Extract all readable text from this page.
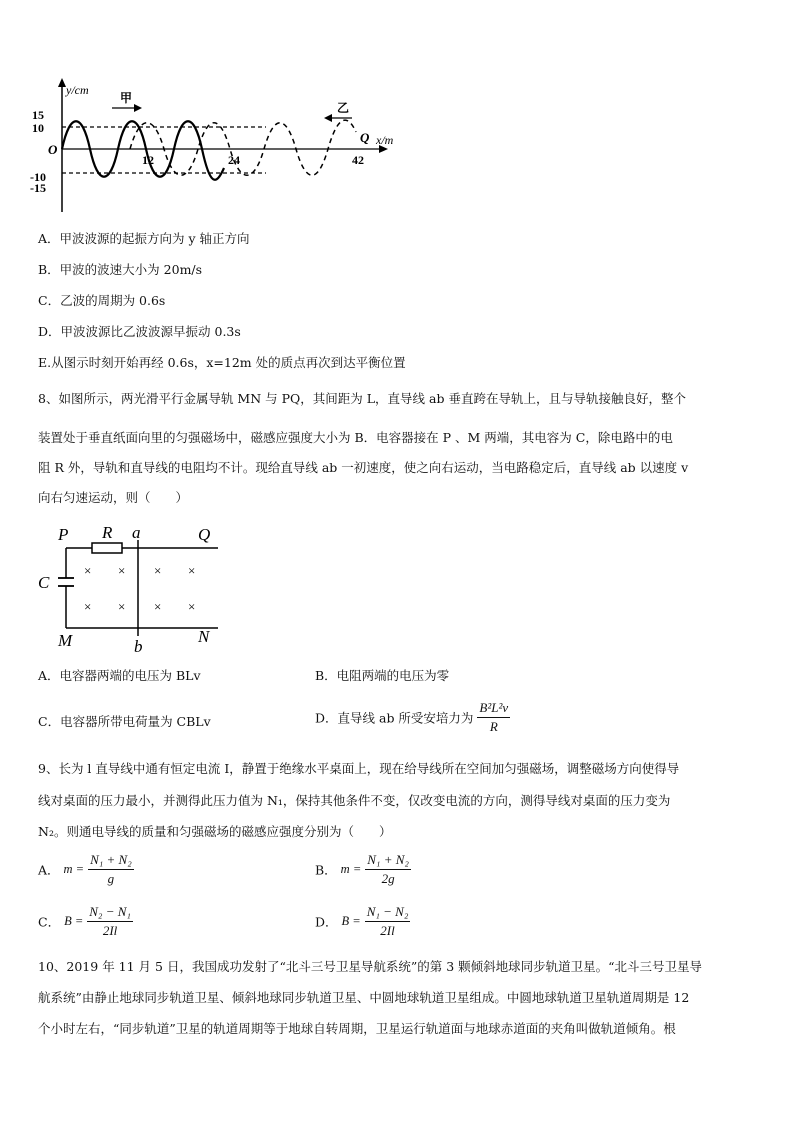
y/cm
x/m
O
15
10
-10
-15
12	24	42
Q
甲
乙
A．甲波波源的起振方向为 y 轴正方向
B．甲波的波速大小为 20m/s
C．乙波的周期为 0.6s
D．甲波波源比乙波波源早振动 0.3s
E.从图示时刻开始再经 0.6s，x=12m 处的质点再次到达平衡位置
8、如图所示，两光滑平行金属导轨 MN 与 PQ，其间距为 L，直导线 ab 垂直跨在导轨上，且与导轨接触良好，整个
装置处于垂直纸面向里的匀强磁场中，磁感应强度大小为 B．电容器接在 P 、M 两端，其电容为 C，除电路中的电
阻 R 外，导轨和直导线的电阻均不计。现给直导线 ab 一初速度，使之向右运动，当电路稳定后，直导线 ab 以速度 v
向右匀速运动，则（　　）
× × × ×
× × × ×
P R a	Q
C
M	b
N
A．电容器两端的电压为 BLv	B．电阻两端的电压为零
C．电容器所带电荷量为 CBLv	D．直导线 ab 所受安培力为 $\frac{\text{B²L²v}}{R}$
9、长为 l 直导线中通有恒定电流 I，静置于绝缘水平桌面上，现在给导线所在空间加匀强磁场，调整磁场方向使得导
线对桌面的压力最小，并测得此压力值为 N₁，保持其他条件不变，仅改变电流的方向，测得导线对桌面的压力变为
N₂。则通电导线的质量和匀强磁场的磁感应强度分别为（　　）
A． $m = \frac{\text{N₁ + N₂}}{g}$	B． $m = \frac{\text{N₁ + N₂}}{2g}$
C． $B = \frac{\text{N₂ − N₁}}{2Il}$	D． $B = \frac{\text{N₁ − N₂}}{2Il}$
10、2019 年 11 月 5 日，我国成功发射了“北斗三号卫星导航系统”的第 3 颗倾斜地球同步轨道卫星。“北斗三号卫星导
航系统”由静止地球同步轨道卫星、倾斜地球同步轨道卫星、中圆地球轨道卫星组成。中圆地球轨道卫星轨道周期是 12
个小时左右，“同步轨道”卫星的轨道周期等于地球自转周期，卫星运行轨道面与地球赤道面的夹角叫做轨道倾角。根
